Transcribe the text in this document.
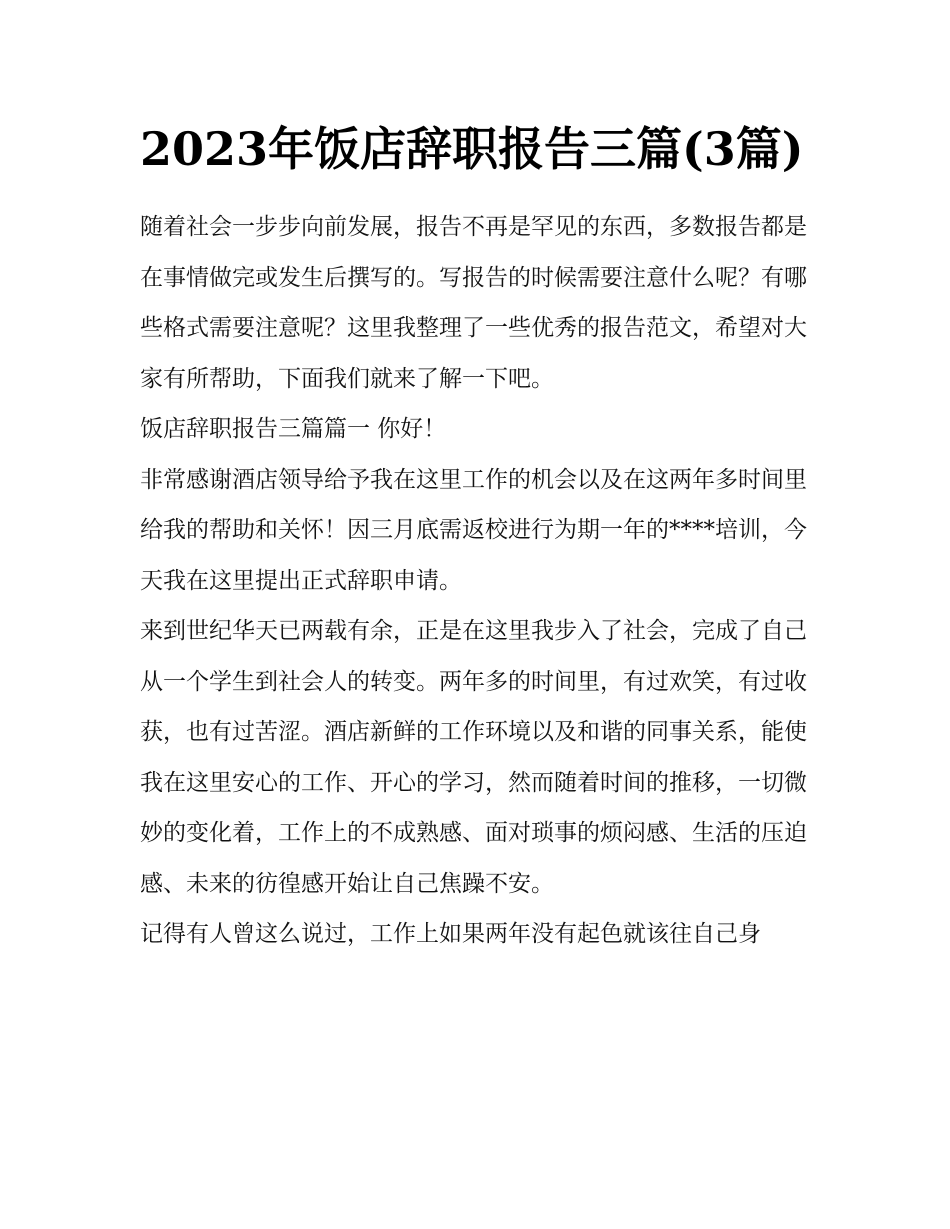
2023年饭店辞职报告三篇(3篇)

随着社会一步步向前发展，报告不再是罕见的东西，多数报告都是在事情做完或发生后撰写的。写报告的时候需要注意什么呢？有哪些格式需要注意呢？这里我整理了一些优秀的报告范文，希望对大家有所帮助，下面我们就来了解一下吧。

饭店辞职报告三篇篇一 你好！

非常感谢酒店领导给予我在这里工作的机会以及在这两年多时间里给我的帮助和关怀！因三月底需返校进行为期一年的****培训，今天我在这里提出正式辞职申请。

来到世纪华天已两载有余，正是在这里我步入了社会，完成了自己从一个学生到社会人的转变。两年多的时间里，有过欢笑，有过收获，也有过苦涩。酒店新鲜的工作环境以及和谐的同事关系，能使我在这里安心的工作、开心的学习，然而随着时间的推移，一切微妙的变化着，工作上的不成熟感、面对琐事的烦闷感、生活的压迫感、未来的彷徨感开始让自己焦躁不安。

记得有人曾这么说过，工作上如果两年没有起色就该往自己身
